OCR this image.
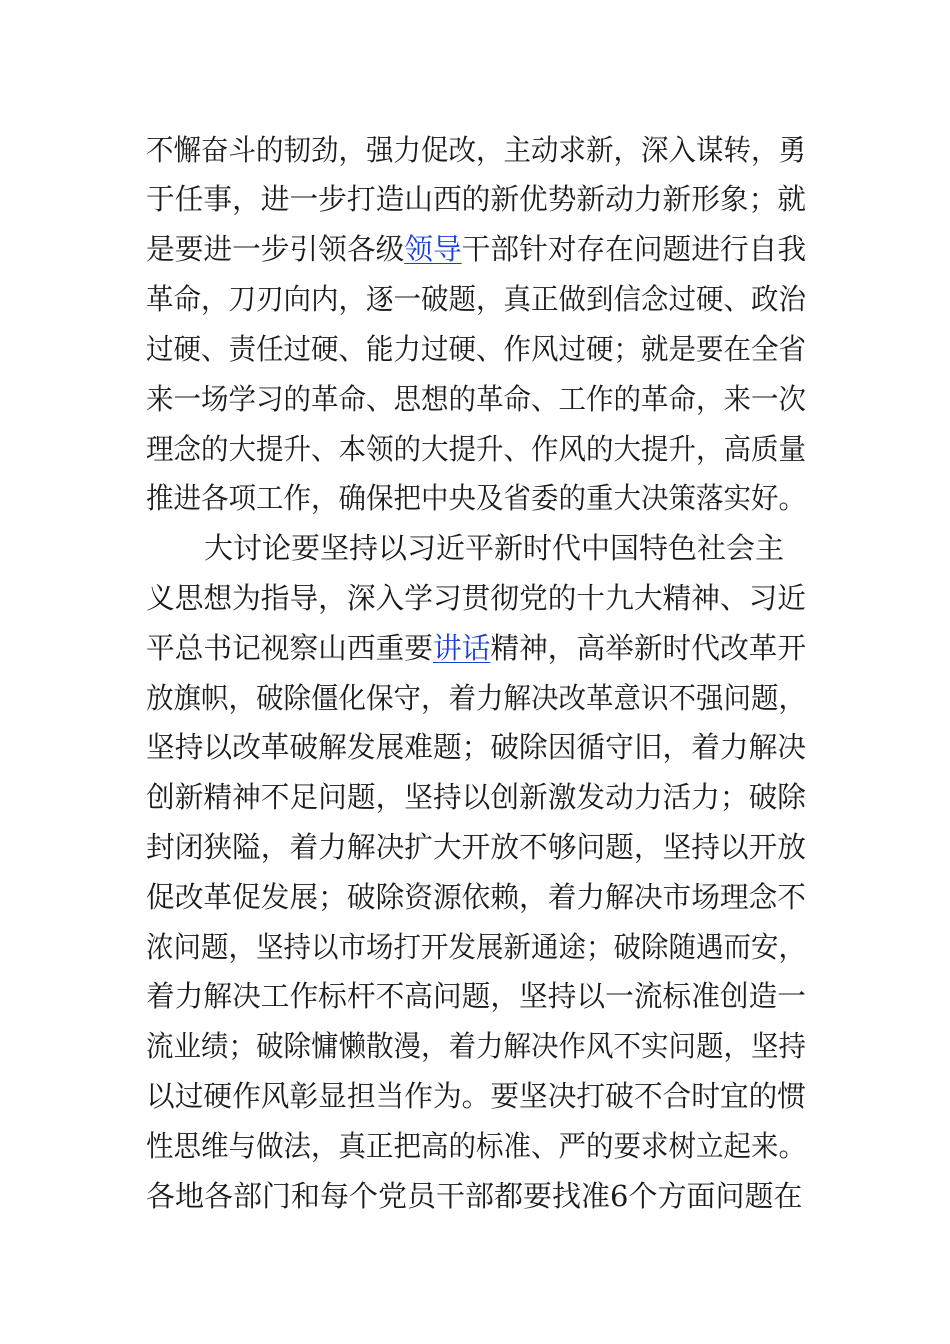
不懈奋斗的韧劲，强力促改，主动求新，深入谋转，勇
于任事，进一步打造山西的新优势新动力新形象；就
是要进一步引领各级领导干部针对存在问题进行自我
革命，刀刃向内，逐一破题，真正做到信念过硬、政治
过硬、责任过硬、能力过硬、作风过硬；就是要在全省
来一场学习的革命、思想的革命、工作的革命，来一次
理念的大提升、本领的大提升、作风的大提升，高质量
推进各项工作，确保把中央及省委的重大决策落实好。
大讨论要坚持以习近平新时代中国特色社会主
义思想为指导，深入学习贯彻党的十九大精神、习近
平总书记视察山西重要讲话精神，高举新时代改革开
放旗帜，破除僵化保守，着力解决改革意识不强问题，
坚持以改革破解发展难题；破除因循守旧，着力解决
创新精神不足问题，坚持以创新激发动力活力；破除
封闭狭隘，着力解决扩大开放不够问题，坚持以开放
促改革促发展；破除资源依赖，着力解决市场理念不
浓问题，坚持以市场打开发展新通途；破除随遇而安，
着力解决工作标杆不高问题，坚持以一流标准创造一
流业绩；破除慵懒散漫，着力解决作风不实问题，坚持
以过硬作风彰显担当作为。要坚决打破不合时宜的惯
性思维与做法，真正把高的标准、严的要求树立起来。
各地各部门和每个党员干部都要找准6个方面问题在
